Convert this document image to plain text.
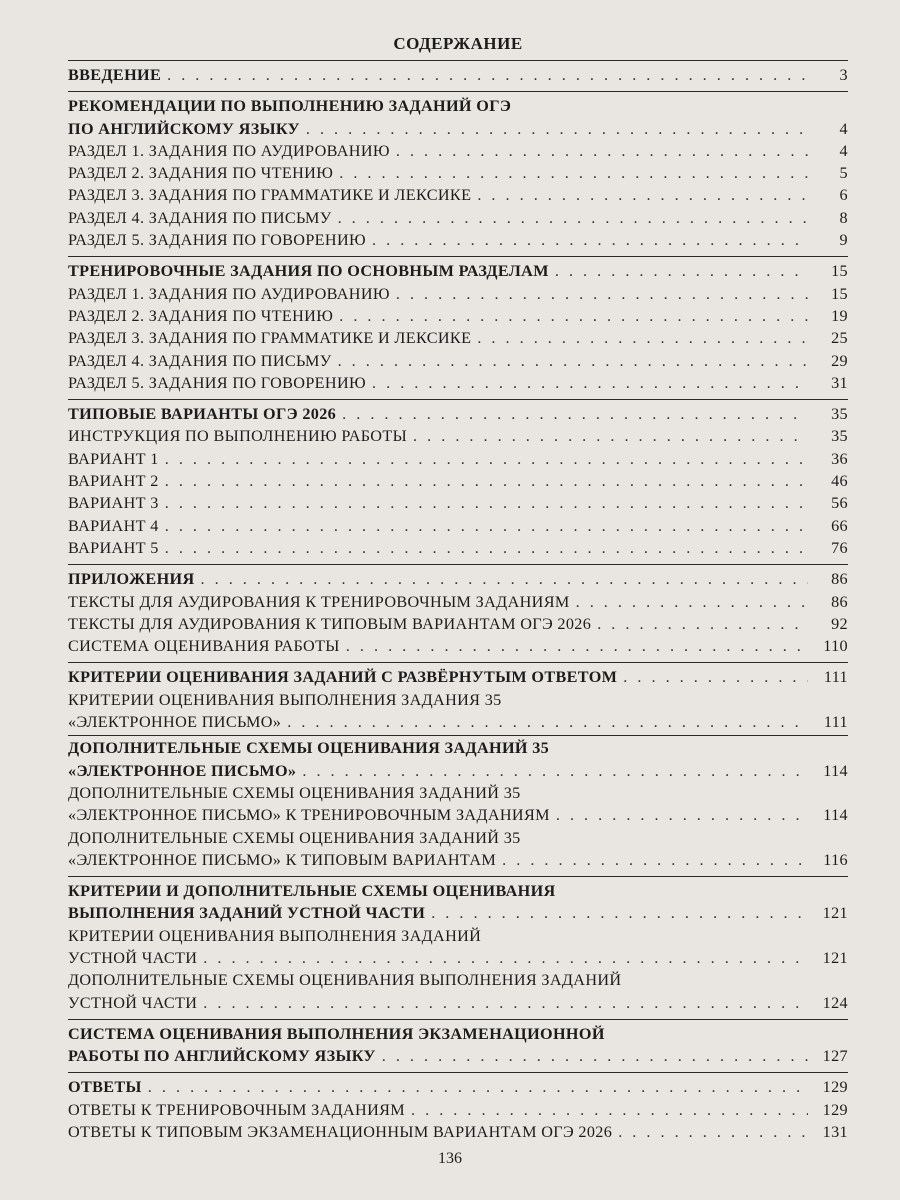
СОДЕРЖАНИЕ
ВВЕДЕНИЕ . . .	3
РЕКОМЕНДАЦИИ ПО ВЫПОЛНЕНИЮ ЗАДАНИЙ ОГЭ
ПО АНГЛИЙСКОМУ ЯЗЫКУ . . .	4
РАЗДЕЛ 1. ЗАДАНИЯ ПО АУДИРОВАНИЮ . . .	4
РАЗДЕЛ 2. ЗАДАНИЯ ПО ЧТЕНИЮ . . .	5
РАЗДЕЛ 3. ЗАДАНИЯ ПО ГРАММАТИКЕ И ЛЕКСИКЕ . . .	6
РАЗДЕЛ 4. ЗАДАНИЯ ПО ПИСЬМУ . . .	8
РАЗДЕЛ 5. ЗАДАНИЯ ПО ГОВОРЕНИЮ . . .	9
ТРЕНИРОВОЧНЫЕ ЗАДАНИЯ ПО ОСНОВНЫМ РАЗДЕЛАМ . . .	15
РАЗДЕЛ 1. ЗАДАНИЯ ПО АУДИРОВАНИЮ . . .	15
РАЗДЕЛ 2. ЗАДАНИЯ ПО ЧТЕНИЮ . . .	19
РАЗДЕЛ 3. ЗАДАНИЯ ПО ГРАММАТИКЕ И ЛЕКСИКЕ . . .	25
РАЗДЕЛ 4. ЗАДАНИЯ ПО ПИСЬМУ . . .	29
РАЗДЕЛ 5. ЗАДАНИЯ ПО ГОВОРЕНИЮ . . .	31
ТИПОВЫЕ ВАРИАНТЫ ОГЭ 2026 . . .	35
ИНСТРУКЦИЯ ПО ВЫПОЛНЕНИЮ РАБОТЫ . . .	35
ВАРИАНТ 1 . . .	36
ВАРИАНТ 2 . . .	46
ВАРИАНТ 3 . . .	56
ВАРИАНТ 4 . . .	66
ВАРИАНТ 5 . . .	76
ПРИЛОЖЕНИЯ . . .	86
ТЕКСТЫ ДЛЯ АУДИРОВАНИЯ К ТРЕНИРОВОЧНЫМ ЗАДАНИЯМ . . .	86
ТЕКСТЫ ДЛЯ АУДИРОВАНИЯ К ТИПОВЫМ ВАРИАНТАМ ОГЭ 2026 . . .	92
СИСТЕМА ОЦЕНИВАНИЯ РАБОТЫ . . .	110
КРИТЕРИИ ОЦЕНИВАНИЯ ЗАДАНИЙ С РАЗВЁРНУТЫМ ОТВЕТОМ . . .	111
КРИТЕРИИ ОЦЕНИВАНИЯ ВЫПОЛНЕНИЯ ЗАДАНИЯ 35
«ЭЛЕКТРОННОЕ ПИСЬМО» . . .	111
ДОПОЛНИТЕЛЬНЫЕ СХЕМЫ ОЦЕНИВАНИЯ ЗАДАНИЙ 35
«ЭЛЕКТРОННОЕ ПИСЬМО» . . .	114
ДОПОЛНИТЕЛЬНЫЕ СХЕМЫ ОЦЕНИВАНИЯ ЗАДАНИЙ 35
«ЭЛЕКТРОННОЕ ПИСЬМО» К ТРЕНИРОВОЧНЫМ ЗАДАНИЯМ . . .	114
ДОПОЛНИТЕЛЬНЫЕ СХЕМЫ ОЦЕНИВАНИЯ ЗАДАНИЙ 35
«ЭЛЕКТРОННОЕ ПИСЬМО» К ТИПОВЫМ ВАРИАНТАМ . . .	116
КРИТЕРИИ И ДОПОЛНИТЕЛЬНЫЕ СХЕМЫ ОЦЕНИВАНИЯ
ВЫПОЛНЕНИЯ ЗАДАНИЙ УСТНОЙ ЧАСТИ . . .	121
КРИТЕРИИ ОЦЕНИВАНИЯ ВЫПОЛНЕНИЯ ЗАДАНИЙ
УСТНОЙ ЧАСТИ . . .	121
ДОПОЛНИТЕЛЬНЫЕ СХЕМЫ ОЦЕНИВАНИЯ ВЫПОЛНЕНИЯ ЗАДАНИЙ
УСТНОЙ ЧАСТИ . . .	124
СИСТЕМА ОЦЕНИВАНИЯ ВЫПОЛНЕНИЯ ЭКЗАМЕНАЦИОННОЙ
РАБОТЫ ПО АНГЛИЙСКОМУ ЯЗЫКУ . . .	127
ОТВЕТЫ . . .	129
ОТВЕТЫ К ТРЕНИРОВОЧНЫМ ЗАДАНИЯМ . . .	129
ОТВЕТЫ К ТИПОВЫМ ЭКЗАМЕНАЦИОННЫМ ВАРИАНТАМ ОГЭ 2026 . . .	131
136
